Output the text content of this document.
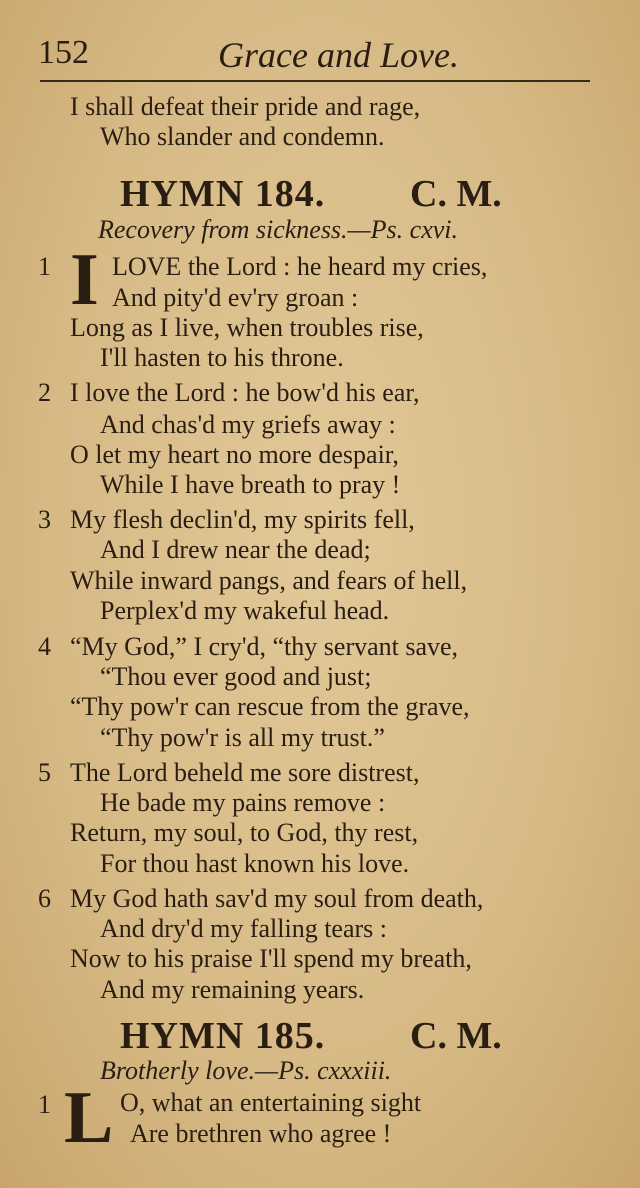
152	Grace and Love.
I shall defeat their pride and rage,
Who slander and condemn.
HYMN 184. C. M.
Recovery from sickness.—Ps. cxvi.
1 I LOVE the Lord : he heard my cries,
And pity'd ev'ry groan :
Long as I live, when troubles rise,
I'll hasten to his throne.
2 I love the Lord : he bow'd his ear,
And chas'd my griefs away :
O let my heart no more despair,
While I have breath to pray !
3 My flesh declin'd, my spirits fell,
And I drew near the dead;
While inward pangs, and fears of hell,
Perplex'd my wakeful head.
4 “My God,” I cry'd, “thy servant save,
“Thou ever good and just;
“Thy pow'r can rescue from the grave,
“Thy pow'r is all my trust.”
5 The Lord beheld me sore distrest,
He bade my pains remove :
Return, my soul, to God, thy rest,
For thou hast known his love.
6 My God hath sav'd my soul from death,
And dry'd my falling tears :
Now to his praise I'll spend my breath,
And my remaining years.
HYMN 185. C. M.
Brotherly love.—Ps. cxxxiii.
1 L O, what an entertaining sight
Are brethren who agree !
